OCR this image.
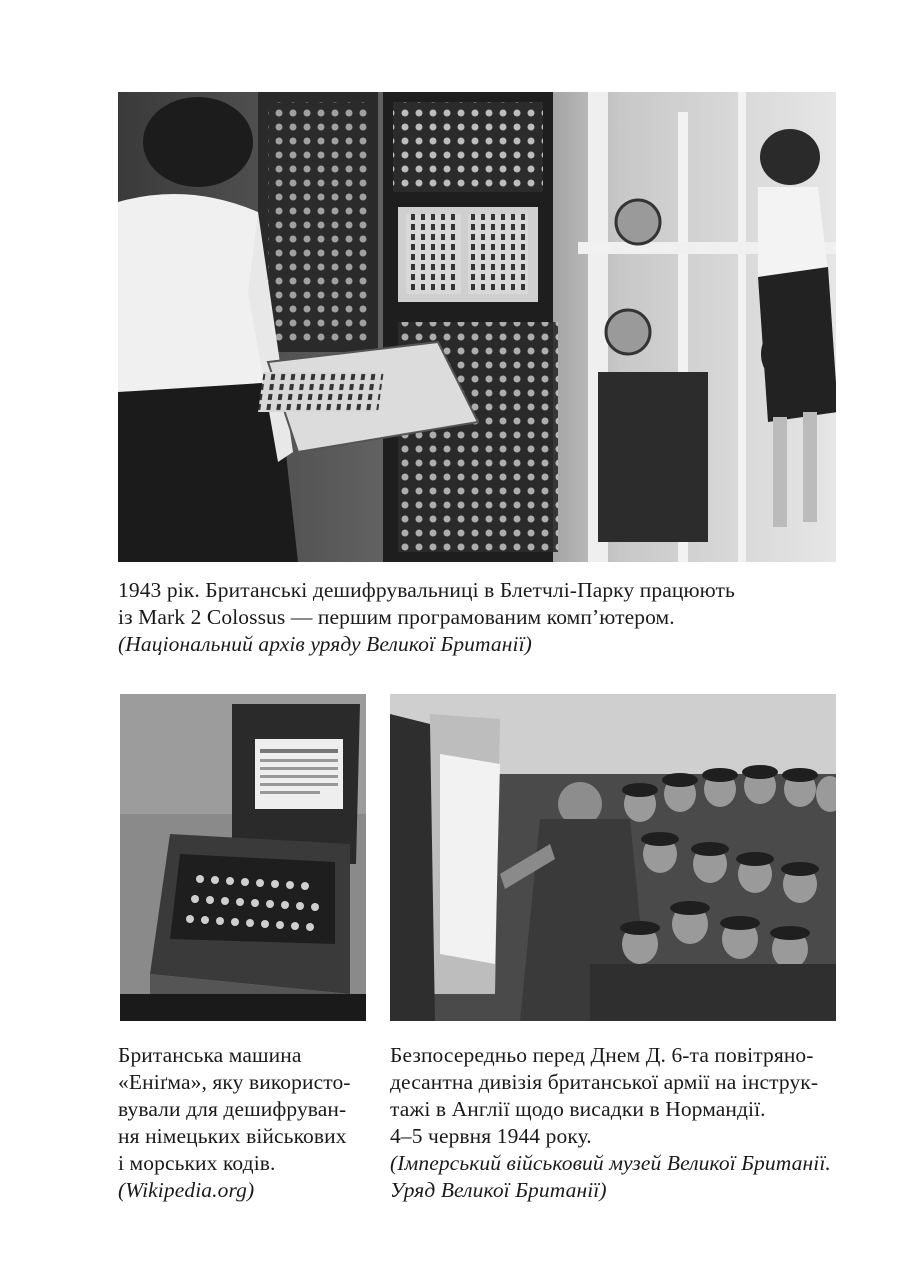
1943 рік. Британські дешифрувальниці в Блетчлі-Парку працюють
із Mark 2 Colossus — першим програмованим комп’ютером.
(Національний архів уряду Великої Британії)
Британська машина
«Еніґма», яку використо-
вували для дешифруван-
ня німецьких військових
і морських кодів.
(Wikipedia.org)
Безпосередньо перед Днем Д. 6-та повітряно-
десантна дивізія британської армії на інструк-
тажі в Англії щодо висадки в Нормандії.
4–5 червня 1944 року.
(Імперський військовий музей Великої Британії.
Уряд Великої Британії)
